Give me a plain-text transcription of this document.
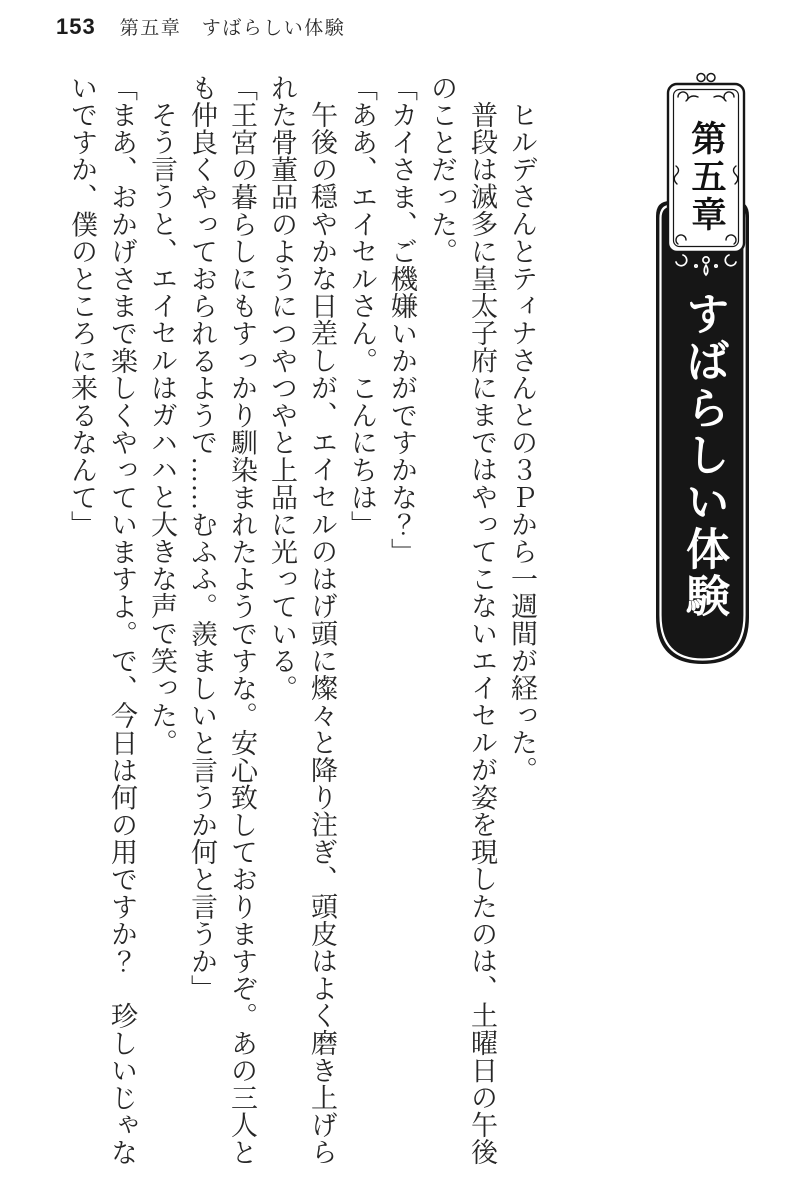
153 第五章　すばらしい体験
第五章
すばらしい体験

ヒルデさんとティナさんとの３Ｐから一週間が経った。

普段は滅多に皇太子府にまではやってこないエイセルが姿を現したのは、土曜日の午後のことだった。

「カイさま、ご機嫌いかがですかな？」

「ああ、エイセルさん。こんにちは」

午後の穏やかな日差しが、エイセルのはげ頭に燦々と降り注ぎ、頭皮はよく磨き上げられた骨董品のようにつやつやと上品に光っている。

「王宮の暮らしにもすっかり馴染まれたようですな。安心致しておりますぞ。あの三人とも仲良くやっておられるようで……むふふ。羨ましいと言うか何と言うか」

そう言うと、エイセルはガハハと大きな声で笑った。

「まあ、おかげさまで楽しくやっていますよ。で、今日は何の用ですか？　珍しいじゃないですか、僕のところに来るなんて」
